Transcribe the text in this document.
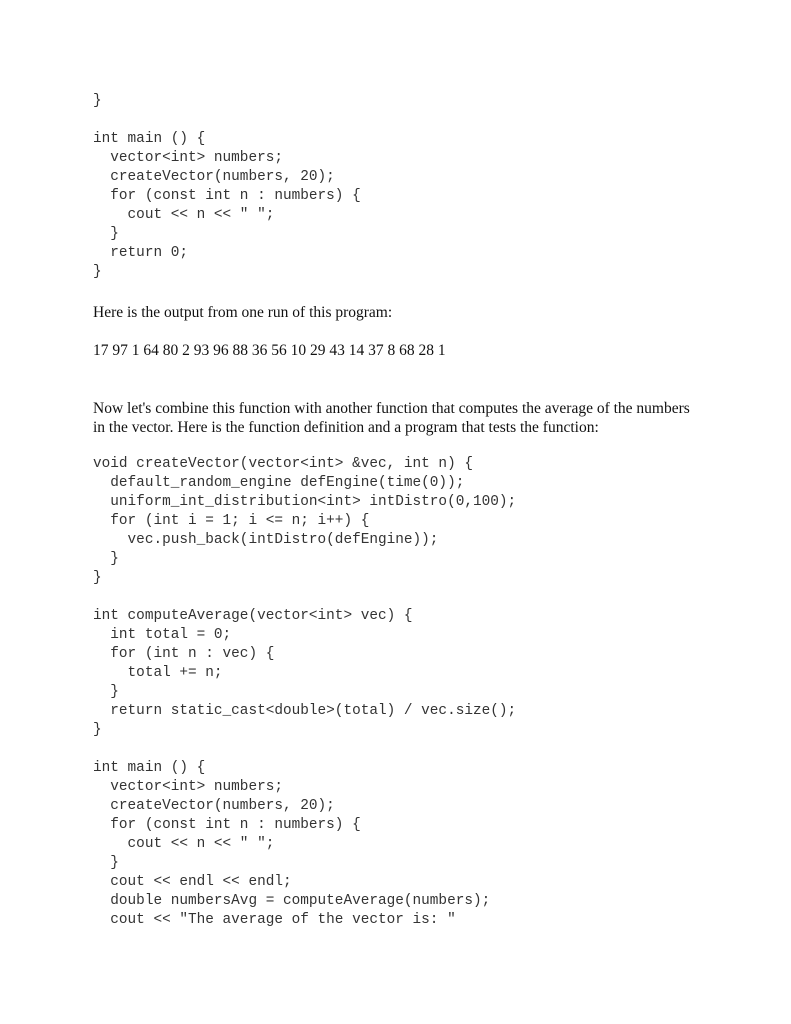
}
int main () {
vector<int> numbers;
createVector(numbers, 20);
for (const int n : numbers) {
cout << n << " ";
}
return 0;
}
Here is the output from one run of this program:
17 97 1 64 80 2 93 96 88 36 56 10 29 43 14 37 8 68 28 1
Now let's combine this function with another function that computes the average of the numbers in the vector. Here is the function definition and a program that tests the function:
void createVector(vector<int> &vec, int n) {
default_random_engine defEngine(time(0));
uniform_int_distribution<int> intDistro(0,100);
for (int i = 1; i <= n; i++) {
vec.push_back(intDistro(defEngine));
}
}
int computeAverage(vector<int> vec) {
int total = 0;
for (int n : vec) {
total += n;
}
return static_cast<double>(total) / vec.size();
}
int main () {
vector<int> numbers;
createVector(numbers, 20);
for (const int n : numbers) {
cout << n << " ";
}
cout << endl << endl;
double numbersAvg = computeAverage(numbers);
cout << "The average of the vector is: "
